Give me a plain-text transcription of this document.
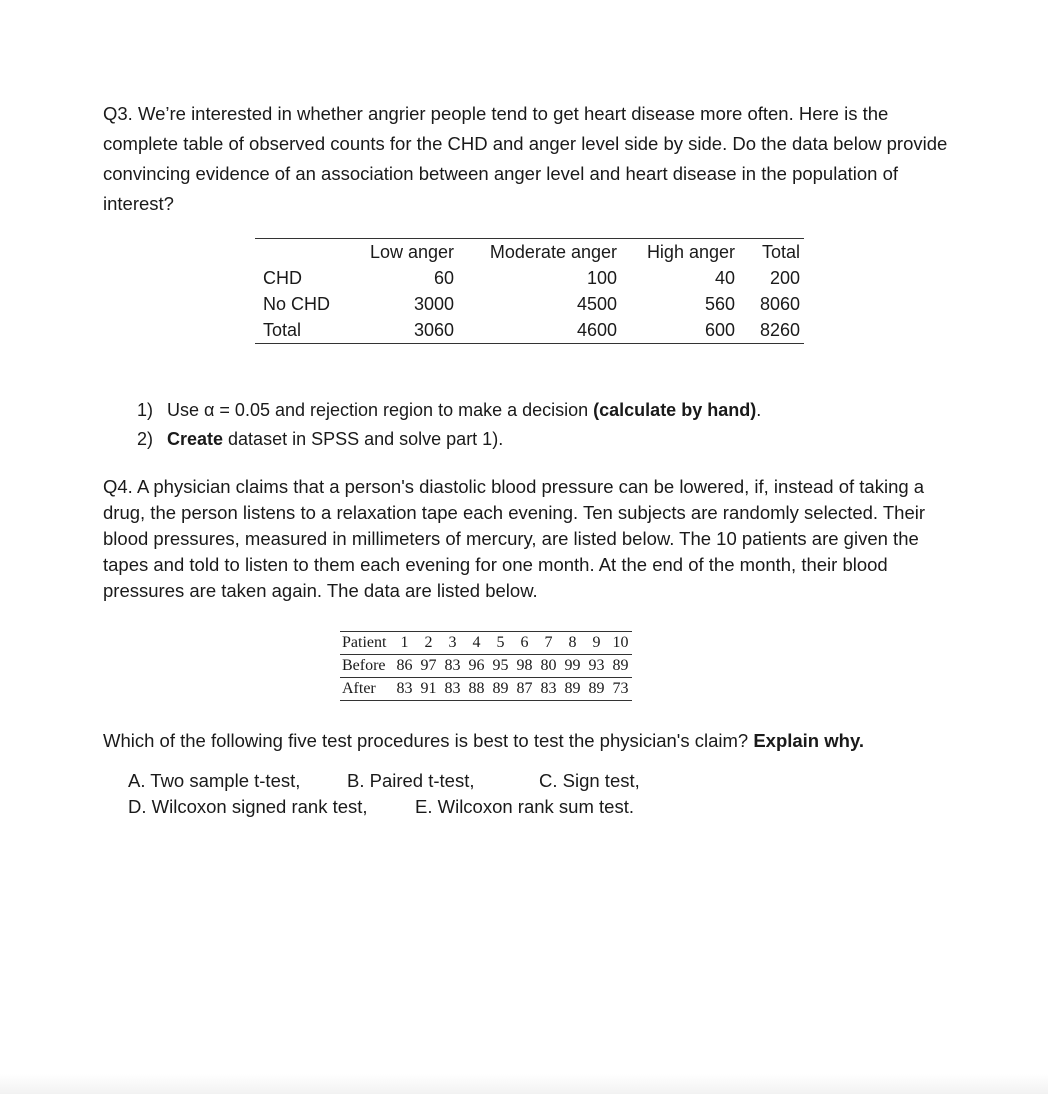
Q3. We’re interested in whether angrier people tend to get heart disease more often. Here is the complete table of observed counts for the CHD and anger level side by side. Do the data below provide convincing evidence of an association between anger level and heart disease in the population of interest?
	Low anger	Moderate anger	High anger	Total
CHD	60	100	40	200
No CHD	3000	4500	560	8060
Total	3060	4600	600	8260
1) Use α = 0.05 and rejection region to make a decision (calculate by hand).
2) Create dataset in SPSS and solve part 1).
Q4. A physician claims that a person's diastolic blood pressure can be lowered, if, instead of taking a drug, the person listens to a relaxation tape each evening. Ten subjects are randomly selected. Their blood pressures, measured in millimeters of mercury, are listed below. The 10 patients are given the tapes and told to listen to them each evening for one month. At the end of the month, their blood pressures are taken again. The data are listed below.
Patient	1	2	3	4	5	6	7	8	9	10
Before	86	97	83	96	95	98	80	99	93	89
After	83	91	83	88	89	87	83	89	89	73
Which of the following five test procedures is best to test the physician's claim? Explain why.
A. Two sample t-test,	B. Paired t-test,	C. Sign test,
D. Wilcoxon signed rank test,	E. Wilcoxon rank sum test.
